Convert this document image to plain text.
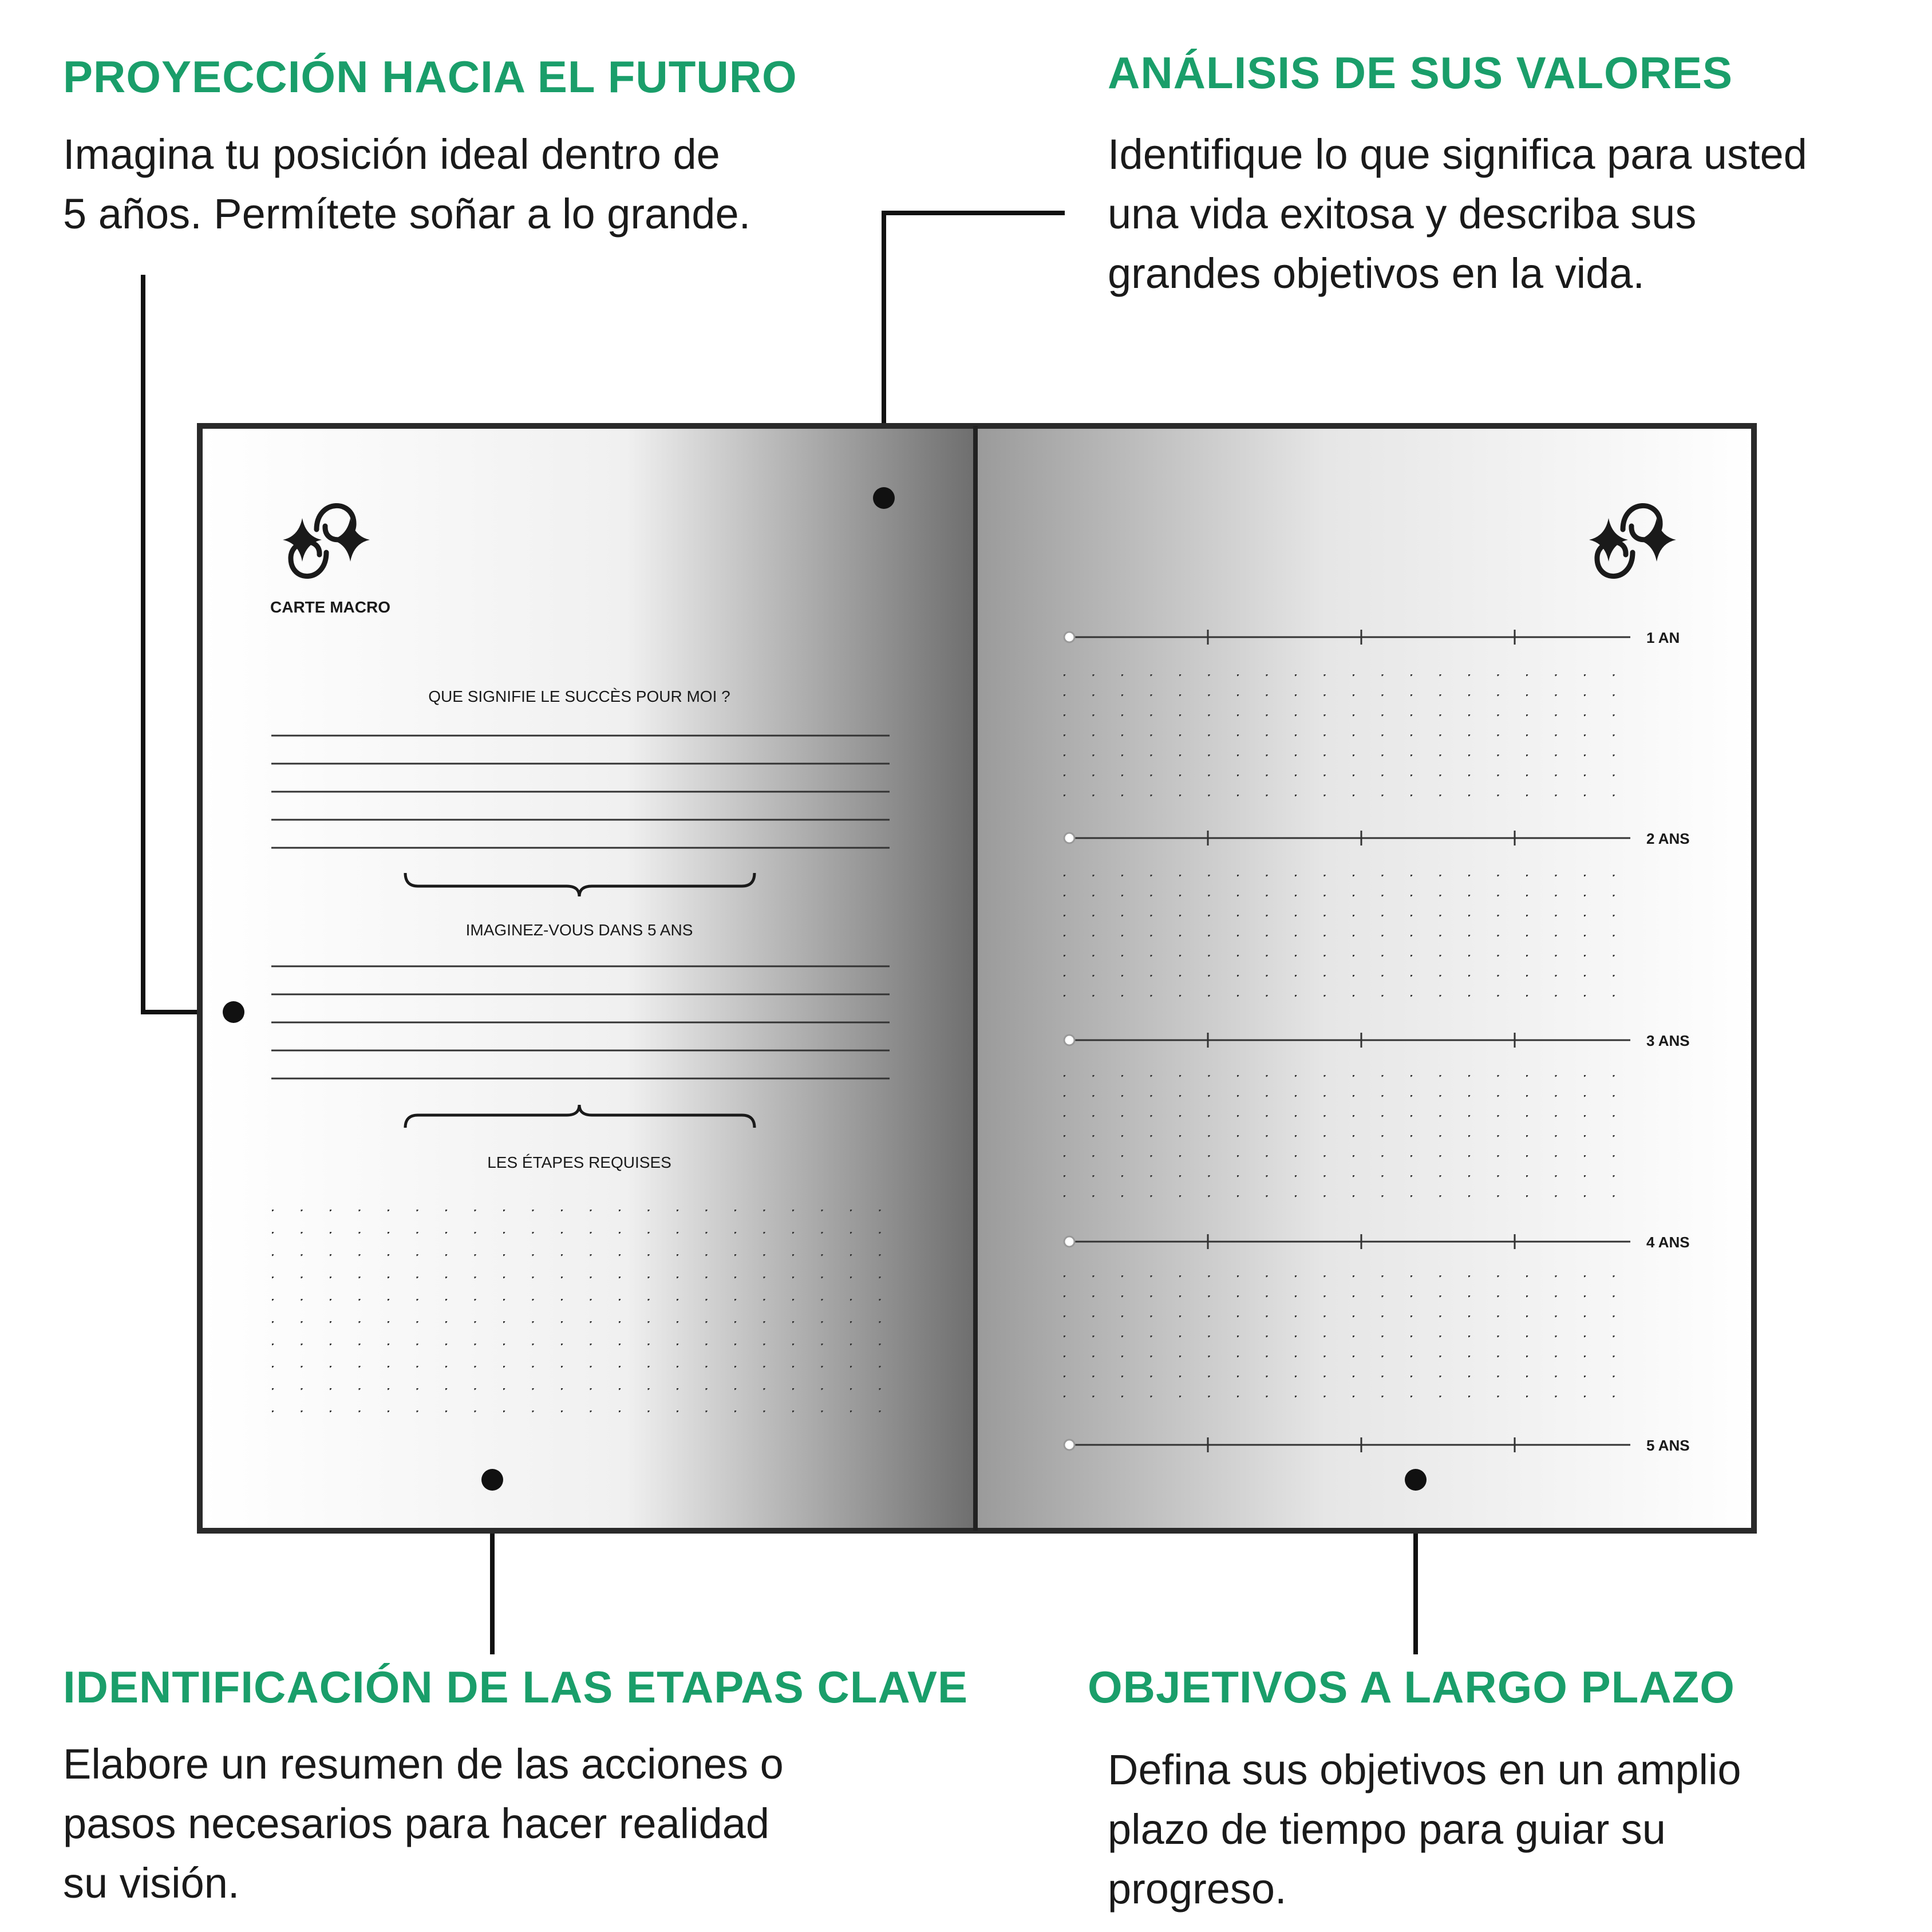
PROYECCIÓN HACIA EL FUTURO

Imagina tu posición ideal dentro de
5 años. Permítete soñar a lo grande.

ANÁLISIS DE SUS VALORES

Identifique lo que significa para usted
una vida exitosa y describa sus
grandes objetivos en la vida.

IDENTIFICACIÓN DE LAS ETAPAS CLAVE

Elabore un resumen de las acciones o
pasos necesarios para hacer realidad
su visión.

OBJETIVOS A LARGO PLAZO

Defina sus objetivos en un amplio
plazo de tiempo para guiar su
progreso.

CARTE MACRO
QUE SIGNIFIE LE SUCCÈS POUR MOI ?
IMAGINEZ-VOUS DANS 5 ANS
LES ÉTAPES REQUISES
1 AN
2 ANS
3 ANS
4 ANS
5 ANS
